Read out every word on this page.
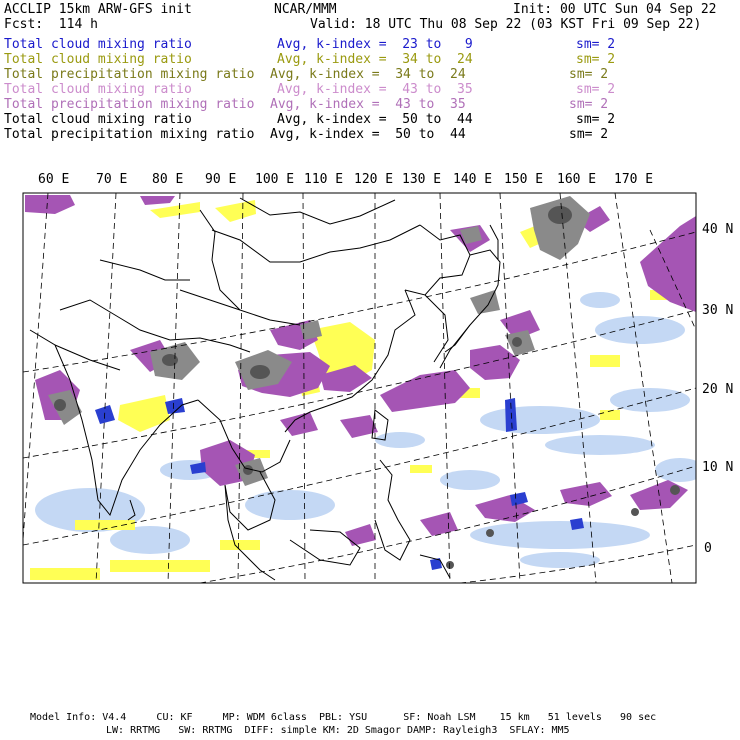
ACCLIP 15km ARW-GFS init	NCAR/MMM	Init: 00 UTC Sun 04 Sep 22
Fcst:  114 h	Valid: 18 UTC Thu 08 Sep 22 (03 KST Fri 09 Sep 22)
Total cloud mixing ratio	Avg, k-index =  23 to   9	sm= 2
Total cloud mixing ratio	Avg, k-index =  34 to  24	sm= 2
Total precipitation mixing ratio Avg, k-index =  34 to  24	sm= 2
Total cloud mixing ratio	Avg, k-index =  43 to  35	sm= 2
Total precipitation mixing ratio Avg, k-index =  43 to  35	sm= 2
Total cloud mixing ratio	Avg, k-index =  50 to  44	sm= 2
Total precipitation mixing ratio Avg, k-index =  50 to  44	sm= 2
60 E 70 E 80 E 90 E 100 E 110 E 120 E 130 E 140 E 150 E 160 E 170 E
40 N
30 N
20 N
10 N
0
Model Info: V4.4     CU: KF     MP: WDM 6class  PBL: YSU      SF: Noah LSM    15 km   51 levels   90 sec
LW: RRTMG   SW: RRTMG  DIFF: simple KM: 2D Smagor DAMP: Rayleigh3  SFLAY: MM5
